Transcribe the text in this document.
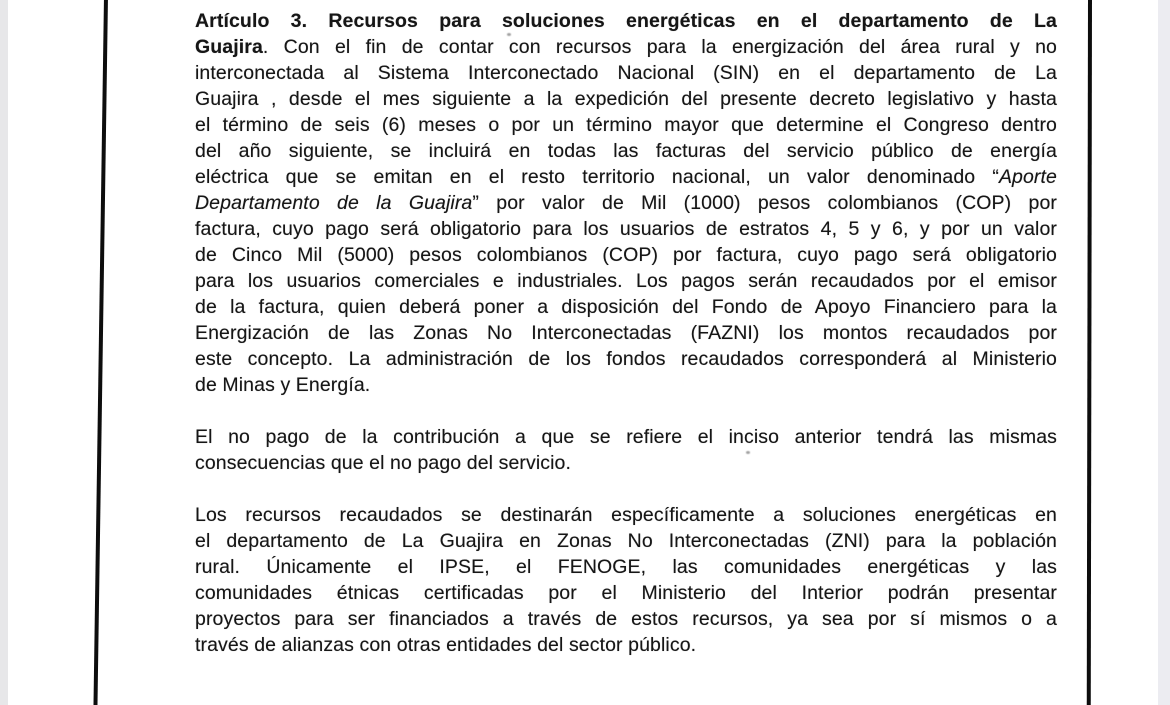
Artículo 3. Recursos para soluciones energéticas en el departamento de La
Guajira. Con el fin de contar con recursos para la energización del área rural y no
interconectada al Sistema Interconectado Nacional (SIN) en el departamento de La
Guajira , desde el mes siguiente a la expedición del presente decreto legislativo y hasta
el término de seis (6) meses o por un término mayor que determine el Congreso dentro
del año siguiente, se incluirá en todas las facturas del servicio público de energía
eléctrica que se emitan en el resto territorio nacional, un valor denominado “Aporte
Departamento de la Guajira” por valor de Mil (1000) pesos colombianos (COP) por
factura, cuyo pago será obligatorio para los usuarios de estratos 4, 5 y 6, y por un valor
de Cinco Mil (5000) pesos colombianos (COP) por factura, cuyo pago será obligatorio
para los usuarios comerciales e industriales. Los pagos serán recaudados por el emisor
de la factura, quien deberá poner a disposición del Fondo de Apoyo Financiero para la
Energización de las Zonas No Interconectadas (FAZNI) los montos recaudados por
este concepto. La administración de los fondos recaudados corresponderá al Ministerio
de Minas y Energía.
El no pago de la contribución a que se refiere el inciso anterior tendrá las mismas
consecuencias que el no pago del servicio.
Los recursos recaudados se destinarán específicamente a soluciones energéticas en
el departamento de La Guajira en Zonas No Interconectadas (ZNI) para la población
rural. Únicamente el IPSE, el FENOGE, las comunidades energéticas y las
comunidades étnicas certificadas por el Ministerio del Interior podrán presentar
proyectos para ser financiados a través de estos recursos, ya sea por sí mismos o a
través de alianzas con otras entidades del sector público.
